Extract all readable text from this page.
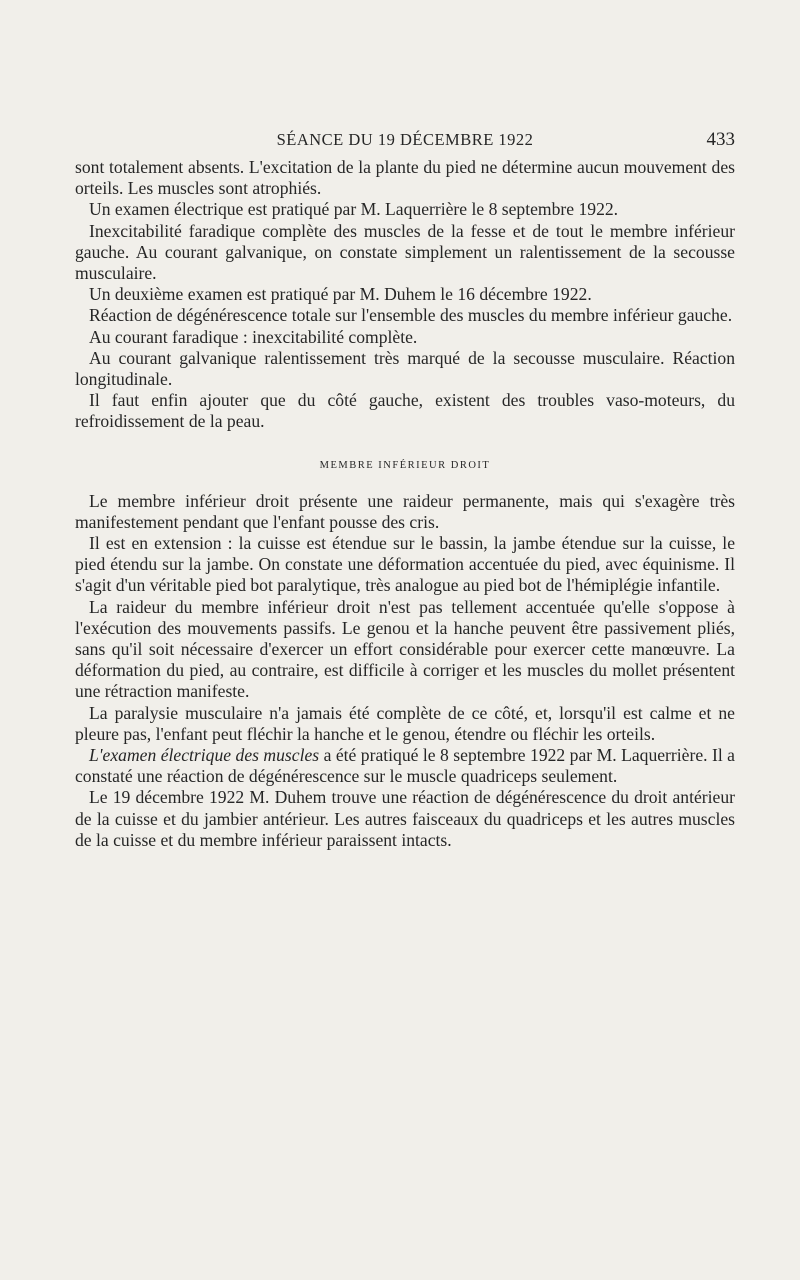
SÉANCE DU 19 DÉCEMBRE 1922	433

sont totalement absents. L'excitation de la plante du pied ne détermine aucun mouvement des orteils. Les muscles sont atrophiés.

Un examen électrique est pratiqué par M. Laquerrière le 8 septembre 1922.

Inexcitabilité faradique complète des muscles de la fesse et de tout le membre inférieur gauche. Au courant galvanique, on constate simplement un ralentissement de la secousse musculaire.

Un deuxième examen est pratiqué par M. Duhem le 16 décembre 1922.

Réaction de dégénérescence totale sur l'ensemble des muscles du membre inférieur gauche.

Au courant faradique : inexcitabilité complète.

Au courant galvanique ralentissement très marqué de la secousse musculaire. Réaction longitudinale.

Il faut enfin ajouter que du côté gauche, existent des troubles vaso-moteurs, du refroidissement de la peau.

MEMBRE INFÉRIEUR DROIT

Le membre inférieur droit présente une raideur permanente, mais qui s'exagère très manifestement pendant que l'enfant pousse des cris.

Il est en extension : la cuisse est étendue sur le bassin, la jambe étendue sur la cuisse, le pied étendu sur la jambe. On constate une déformation accentuée du pied, avec équinisme. Il s'agit d'un véritable pied bot paralytique, très analogue au pied bot de l'hémiplégie infantile.

La raideur du membre inférieur droit n'est pas tellement accentuée qu'elle s'oppose à l'exécution des mouvements passifs. Le genou et la hanche peuvent être passivement pliés, sans qu'il soit nécessaire d'exercer un effort considérable pour exercer cette manœuvre. La déformation du pied, au contraire, est difficile à corriger et les muscles du mollet présentent une rétraction manifeste.

La paralysie musculaire n'a jamais été complète de ce côté, et, lorsqu'il est calme et ne pleure pas, l'enfant peut fléchir la hanche et le genou, étendre ou fléchir les orteils.

L'examen électrique des muscles a été pratiqué le 8 septembre 1922 par M. Laquerrière. Il a constaté une réaction de dégénérescence sur le muscle quadriceps seulement.

Le 19 décembre 1922 M. Duhem trouve une réaction de dégénérescence du droit antérieur de la cuisse et du jambier antérieur. Les autres faisceaux du quadriceps et les autres muscles de la cuisse et du membre inférieur paraissent intacts.
